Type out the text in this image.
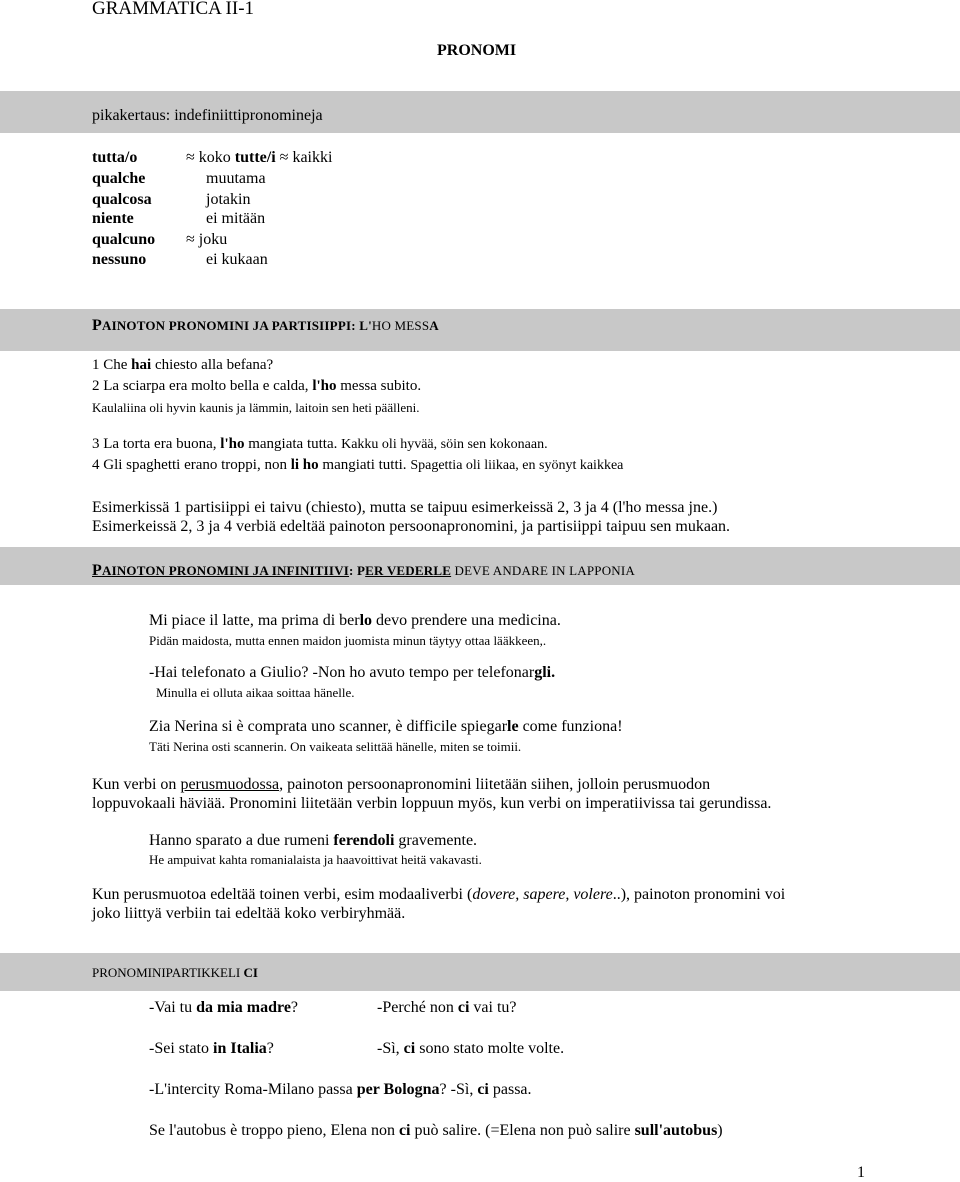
GRAMMATICA II-1
PRONOMI
pikakertaus: indefiniittipronomineja
tutta/o	≈ koko tutte/i ≈ kaikki
qualche	muutama
qualcosa	jotakin
niente	ei mitään
qualcuno ≈ joku
nessuno	ei kukaan
PAINOTON PRONOMINI JA PARTISIIPPI: L'HO MESSA
1 Che hai chiesto alla befana?
2 La sciarpa era molto bella e calda, l'ho messa subito.
Kaulaliina oli hyvin kaunis ja lämmin, laitoin sen heti päälleni.
3 La torta era buona, l'ho mangiata tutta. Kakku oli hyvää, söin sen kokonaan.
4 Gli spaghetti erano troppi, non li ho mangiati tutti. Spagettia oli liikaa, en syönyt kaikkea
Esimerkissä 1 partisiippi ei taivu (chiesto), mutta se taipuu esimerkeissä 2, 3 ja 4 (l'ho messa jne.)
Esimerkeissä 2, 3 ja 4 verbiä edeltää painoton persoonapronomini, ja partisiippi taipuu sen mukaan.
PAINOTON PRONOMINI JA INFINITIIVI: PER VEDERLE DEVE ANDARE IN LAPPONIA
Mi piace il latte, ma prima di berlo devo prendere una medicina.
Pidän maidosta, mutta ennen maidon juomista minun täytyy ottaa lääkkeen,.
-Hai telefonato a Giulio? -Non ho avuto tempo per telefonargli.
Minulla ei olluta aikaa soittaa hänelle.
Zia Nerina si è comprata uno scanner, è difficile spiegarle come funziona!
Täti Nerina osti scannerin. On vaikeata selittää hänelle, miten se toimii.
Kun verbi on perusmuodossa, painoton persoonapronomini liitetään siihen, jolloin perusmuodon
loppuvokaali häviää. Pronomini liitetään verbin loppuun myös, kun verbi on imperatiivissa tai gerundissa.
Hanno sparato a due rumeni ferendoli gravemente.
He ampuivat kahta romanialaista ja haavoittivat heitä vakavasti.
Kun perusmuotoa edeltää toinen verbi, esim modaaliverbi (dovere, sapere, volere..), painoton pronomini voi
joko liittyä verbiin tai edeltää koko verbiryhmää.
PRONOMINIPARTIKKELI CI
-Vai tu da mia madre?	-Perché non ci vai tu?
-Sei stato in Italia?	-Sì, ci sono stato molte volte.
-L'intercity Roma-Milano passa per Bologna? -Sì, ci passa.
Se l'autobus è troppo pieno, Elena non ci può salire. (=Elena non può salire sull'autobus)
1
